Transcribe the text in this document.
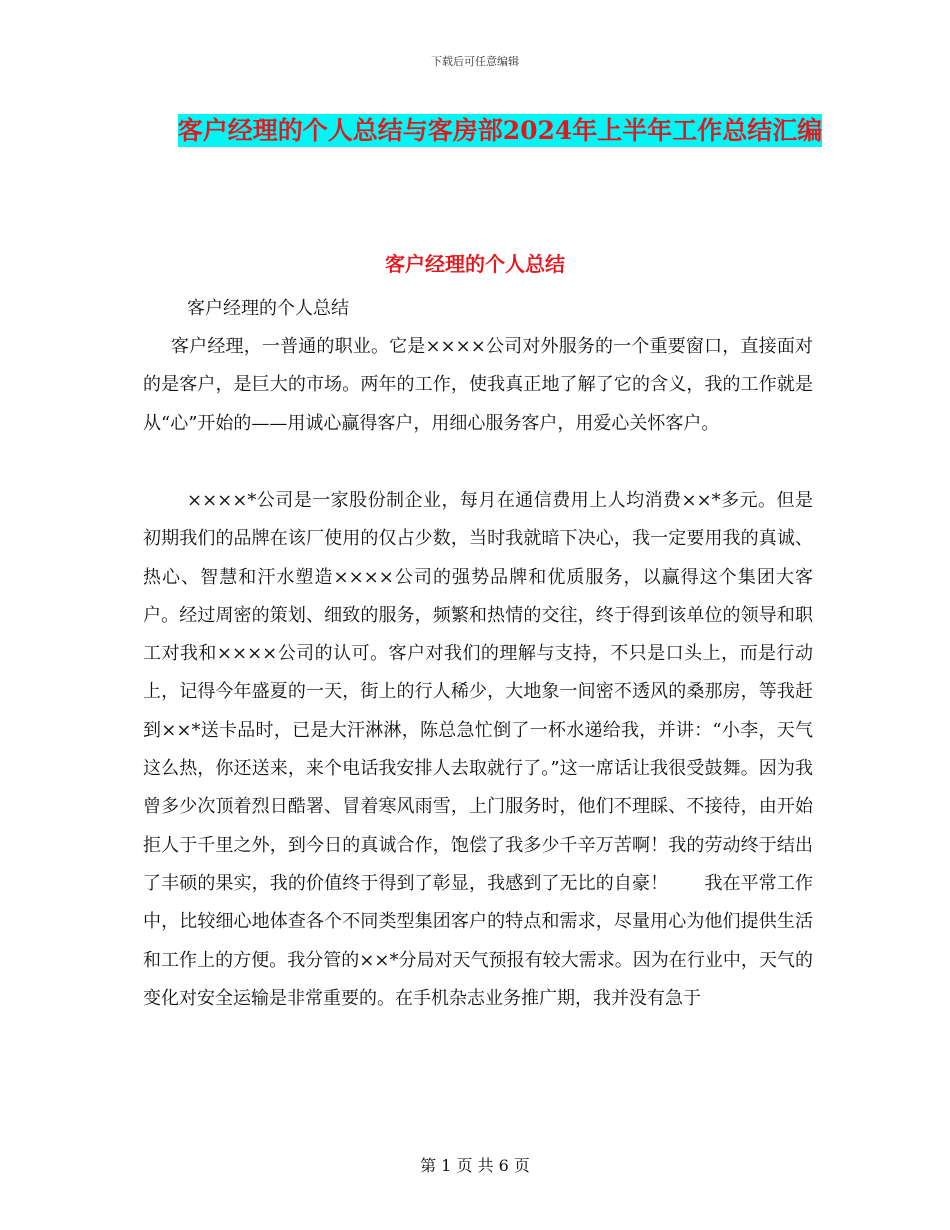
下载后可任意编辑
客户经理的个人总结与客房部2024年上半年工作总结汇编
客户经理的个人总结
客户经理的个人总结
客户经理，一普通的职业。它是××××公司对外服务的一个重要窗口，直接面对的是客户，是巨大的市场。两年的工作，使我真正地了解了它的含义，我的工作就是从“心”开始的——用诚心赢得客户，用细心服务客户，用爱心关怀客户。
××××*公司是一家股份制企业，每月在通信费用上人均消费××*多元。但是初期我们的品牌在该厂使用的仅占少数，当时我就暗下决心，我一定要用我的真诚、热心、智慧和汗水塑造××××公司的强势品牌和优质服务，以赢得这个集团大客户。经过周密的策划、细致的服务，频繁和热情的交往，终于得到该单位的领导和职工对我和××××公司的认可。客户对我们的理解与支持，不只是口头上，而是行动上，记得今年盛夏的一天，街上的行人稀少，大地象一间密不透风的桑那房，等我赶到××*送卡品时，已是大汗淋淋，陈总急忙倒了一杯水递给我，并讲：“小李，天气这么热，你还送来，来个电话我安排人去取就行了。”这一席话让我很受鼓舞。因为我曾多少次顶着烈日酷署、冒着寒风雨雪，上门服务时，他们不理睬、不接待，由开始拒人于千里之外，到今日的真诚合作，饱偿了我多少千辛万苦啊！我的劳动终于结出了丰硕的果实，我的价值终于得到了彰显，我感到了无比的自豪！　　我在平常工作中，比较细心地体查各个不同类型集团客户的特点和需求，尽量用心为他们提供生活和工作上的方便。我分管的××*分局对天气预报有较大需求。因为在行业中，天气的变化对安全运输是非常重要的。在手机杂志业务推广期，我并没有急于
第 1 页 共 6 页
